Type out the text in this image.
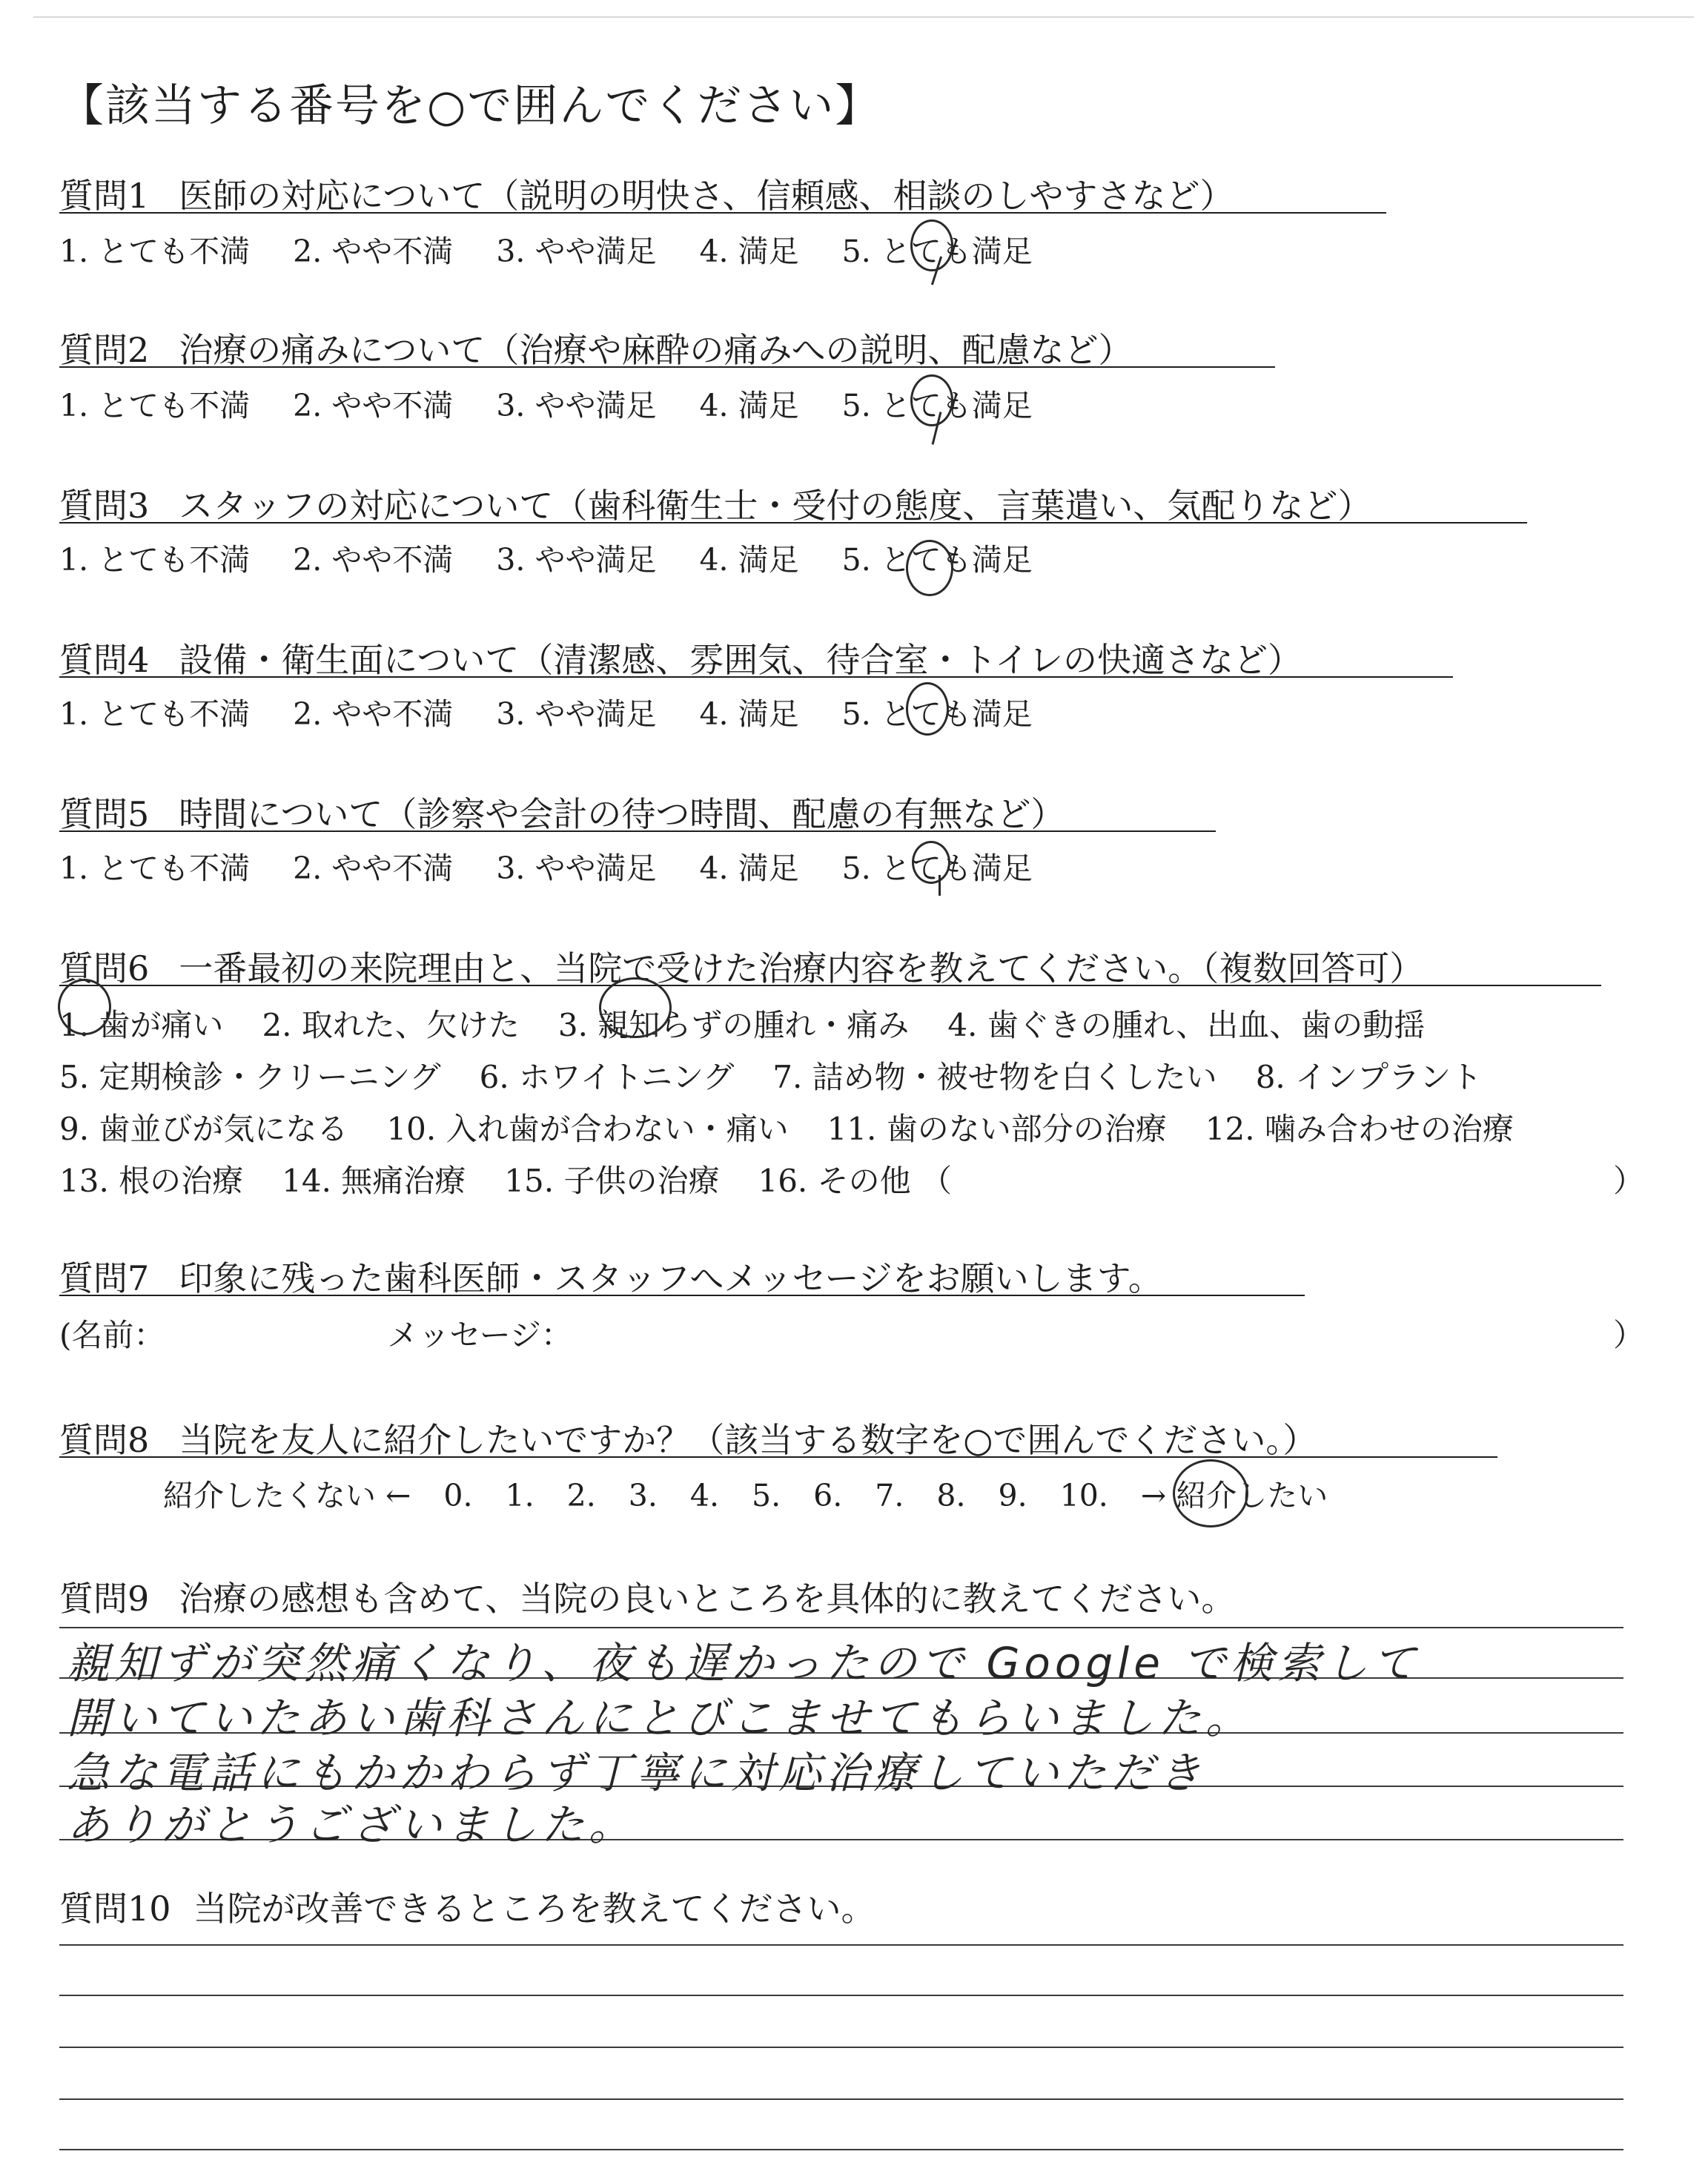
【該当する番号を○で囲んでください】
質問1 医師の対応について（説明の明快さ、信頼感、相談のしやすさなど）
1. とても不満 2. やや不満 3. やや満足 4. 満足 5. とても満足
質問2 治療の痛みについて（治療や麻酔の痛みへの説明、配慮など）
1. とても不満 2. やや不満 3. やや満足 4. 満足 5. とても満足
質問3 スタッフの対応について（歯科衛生士・受付の態度、言葉遣い、気配りなど）
1. とても不満 2. やや不満 3. やや満足 4. 満足 5. とても満足
質問4 設備・衛生面について（清潔感、雰囲気、待合室・トイレの快適さなど）
1. とても不満 2. やや不満 3. やや満足 4. 満足 5. とても満足
質問5 時間について（診察や会計の待つ時間、配慮の有無など）
1. とても不満 2. やや不満 3. やや満足 4. 満足 5. とても満足
質問6 一番最初の来院理由と、当院で受けた治療内容を教えてください。（複数回答可）
1. 歯が痛い 2. 取れた、欠けた 3. 親知らずの腫れ・痛み 4. 歯ぐきの腫れ、出血、歯の動揺
5. 定期検診・クリーニング 6. ホワイトニング 7. 詰め物・被せ物を白くしたい 8. インプラント
9. 歯並びが気になる 10. 入れ歯が合わない・痛い 11. 歯のない部分の治療 12. 噛み合わせの治療
13. 根の治療 14. 無痛治療 15. 子供の治療 16. その他 （	）
質問7 印象に残った歯科医師・スタッフへメッセージをお願いします。
(名前：	メッセージ：	）
質問8 当院を友人に紹介したいですか？（該当する数字を○で囲んでください。）
紹介したくない ← 0. 1. 2. 3. 4. 5. 6. 7. 8. 9. 10. → 紹介したい
質問9 治療の感想も含めて、当院の良いところを具体的に教えてください。
親知ずが突然痛くなり、夜も遅かったので Google で検索して
開いていたあい歯科さんにとびこませてもらいました。
急な電話にもかかわらず丁寧に対応治療していただき
ありがとうございました。
質問10 当院が改善できるところを教えてください。
